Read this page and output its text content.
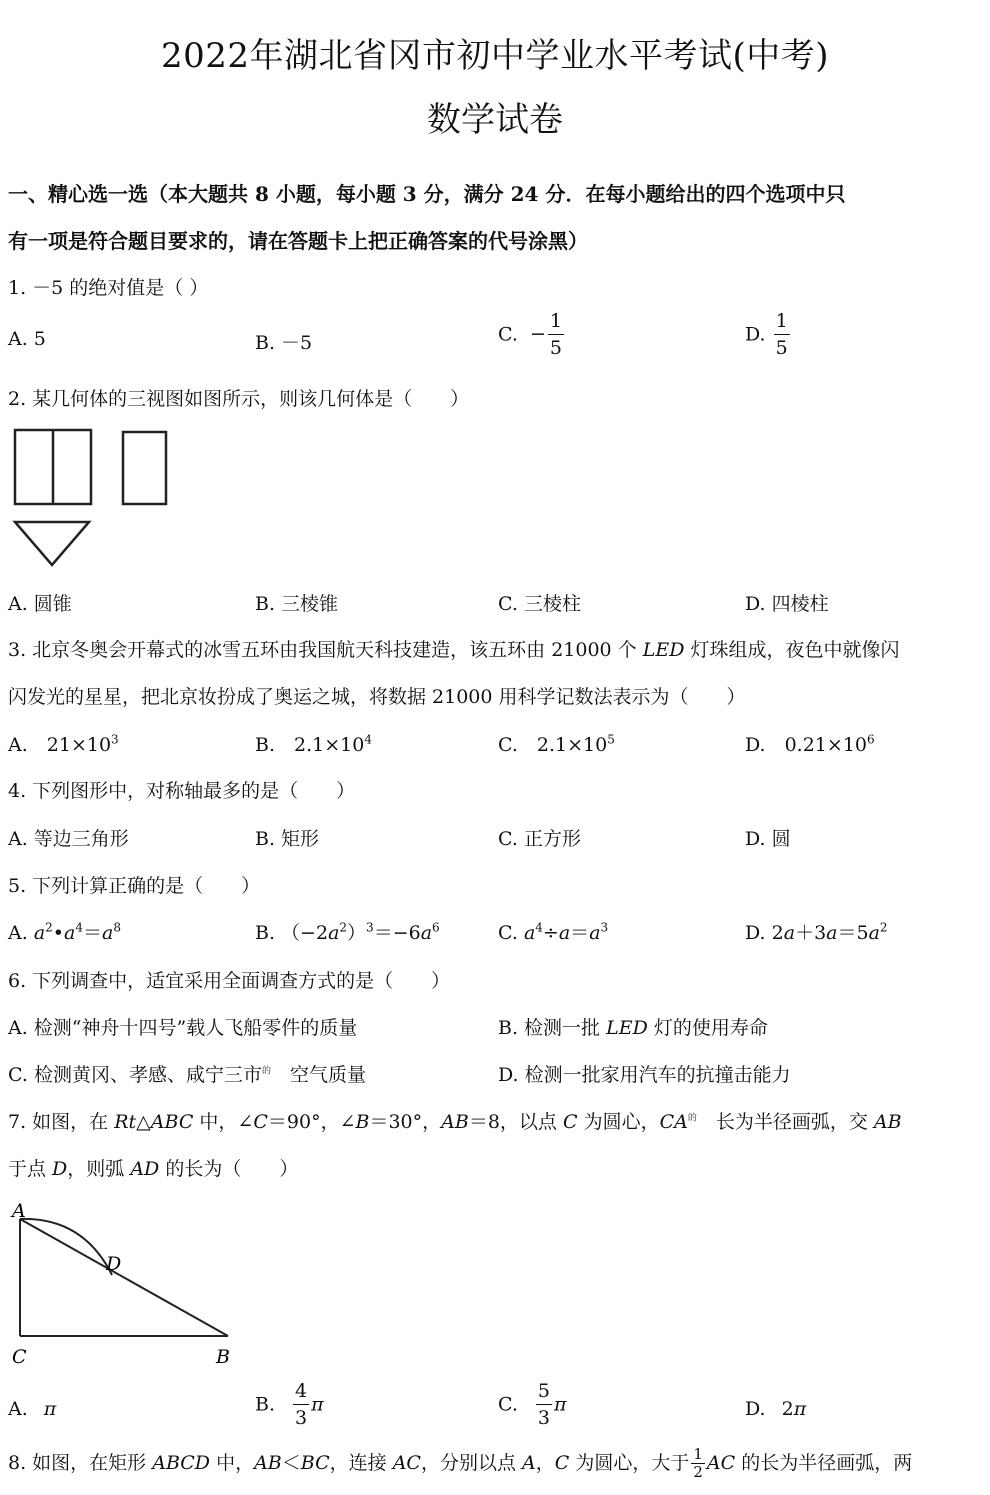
2022年湖北省冈市初中学业水平考试(中考)
数学试卷
一、精心选一选（本大题共 8 小题，每小题 3 分，满分 24 分．在每小题给出的四个选项中只
有一项是符合题目要求的，请在答题卡上把正确答案的代号涂黑）
1. －5 的绝对值是（ ）
A. 5	B. －5	C. − $\frac{1}{5}$	D. $\frac{1}{5}$
2. 某几何体的三视图如图所示，则该几何体是（　　）
A. 圆锥	B. 三棱锥	C. 三棱柱	D. 四棱柱
3. 北京冬奥会开幕式的冰雪五环由我国航天科技建造，该五环由 21000 个 LED 灯珠组成，夜色中就像闪
闪发光的星星，把北京妆扮成了奥运之城，将数据 21000 用科学记数法表示为（　　）
A.　$21\times 10^3$	B.　$2.1\times 10^4$	C.　$2.1\times 10^5$	D.　$0.21\times 10^6$
4. 下列图形中，对称轴最多的是（　　）
A. 等边三角形	B. 矩形	C. 正方形	D. 圆
5. 下列计算正确的是（　　）
A. $a^2•a^4=a^8$	B. $(-2a^2)^3=-6a^6$	C. $a^4\div a=a^3$	D. $2a+3a=5a^2$
6. 下列调查中，适宜采用全面调查方式的是（　　）
A. 检测“神舟十四号”载人飞船零件的质量	B. 检测一批 LED 灯的使用寿命
C. 检测黄冈、孝感、咸宁三市$^的$　空气质量	D. 检测一批家用汽车的抗撞击能力
7. 如图，在 Rt△ABC 中，∠C＝90°，∠B＝30°，AB＝8，以点 C 为圆心，$CA^的$　长为半径画弧，交 AB
于点 D，则弧 AD 的长为（　　）
A
D
C	B
A. π	B. $\frac{4}{3}$ π	C. $\frac{5}{3}$ π	D. 2π
8. 如图，在矩形 ABCD 中，AB＜BC，连接 AC，分别以点 A，C 为圆心，大于 $\frac{1}{2}$ AC 的长为半径画弧，两
